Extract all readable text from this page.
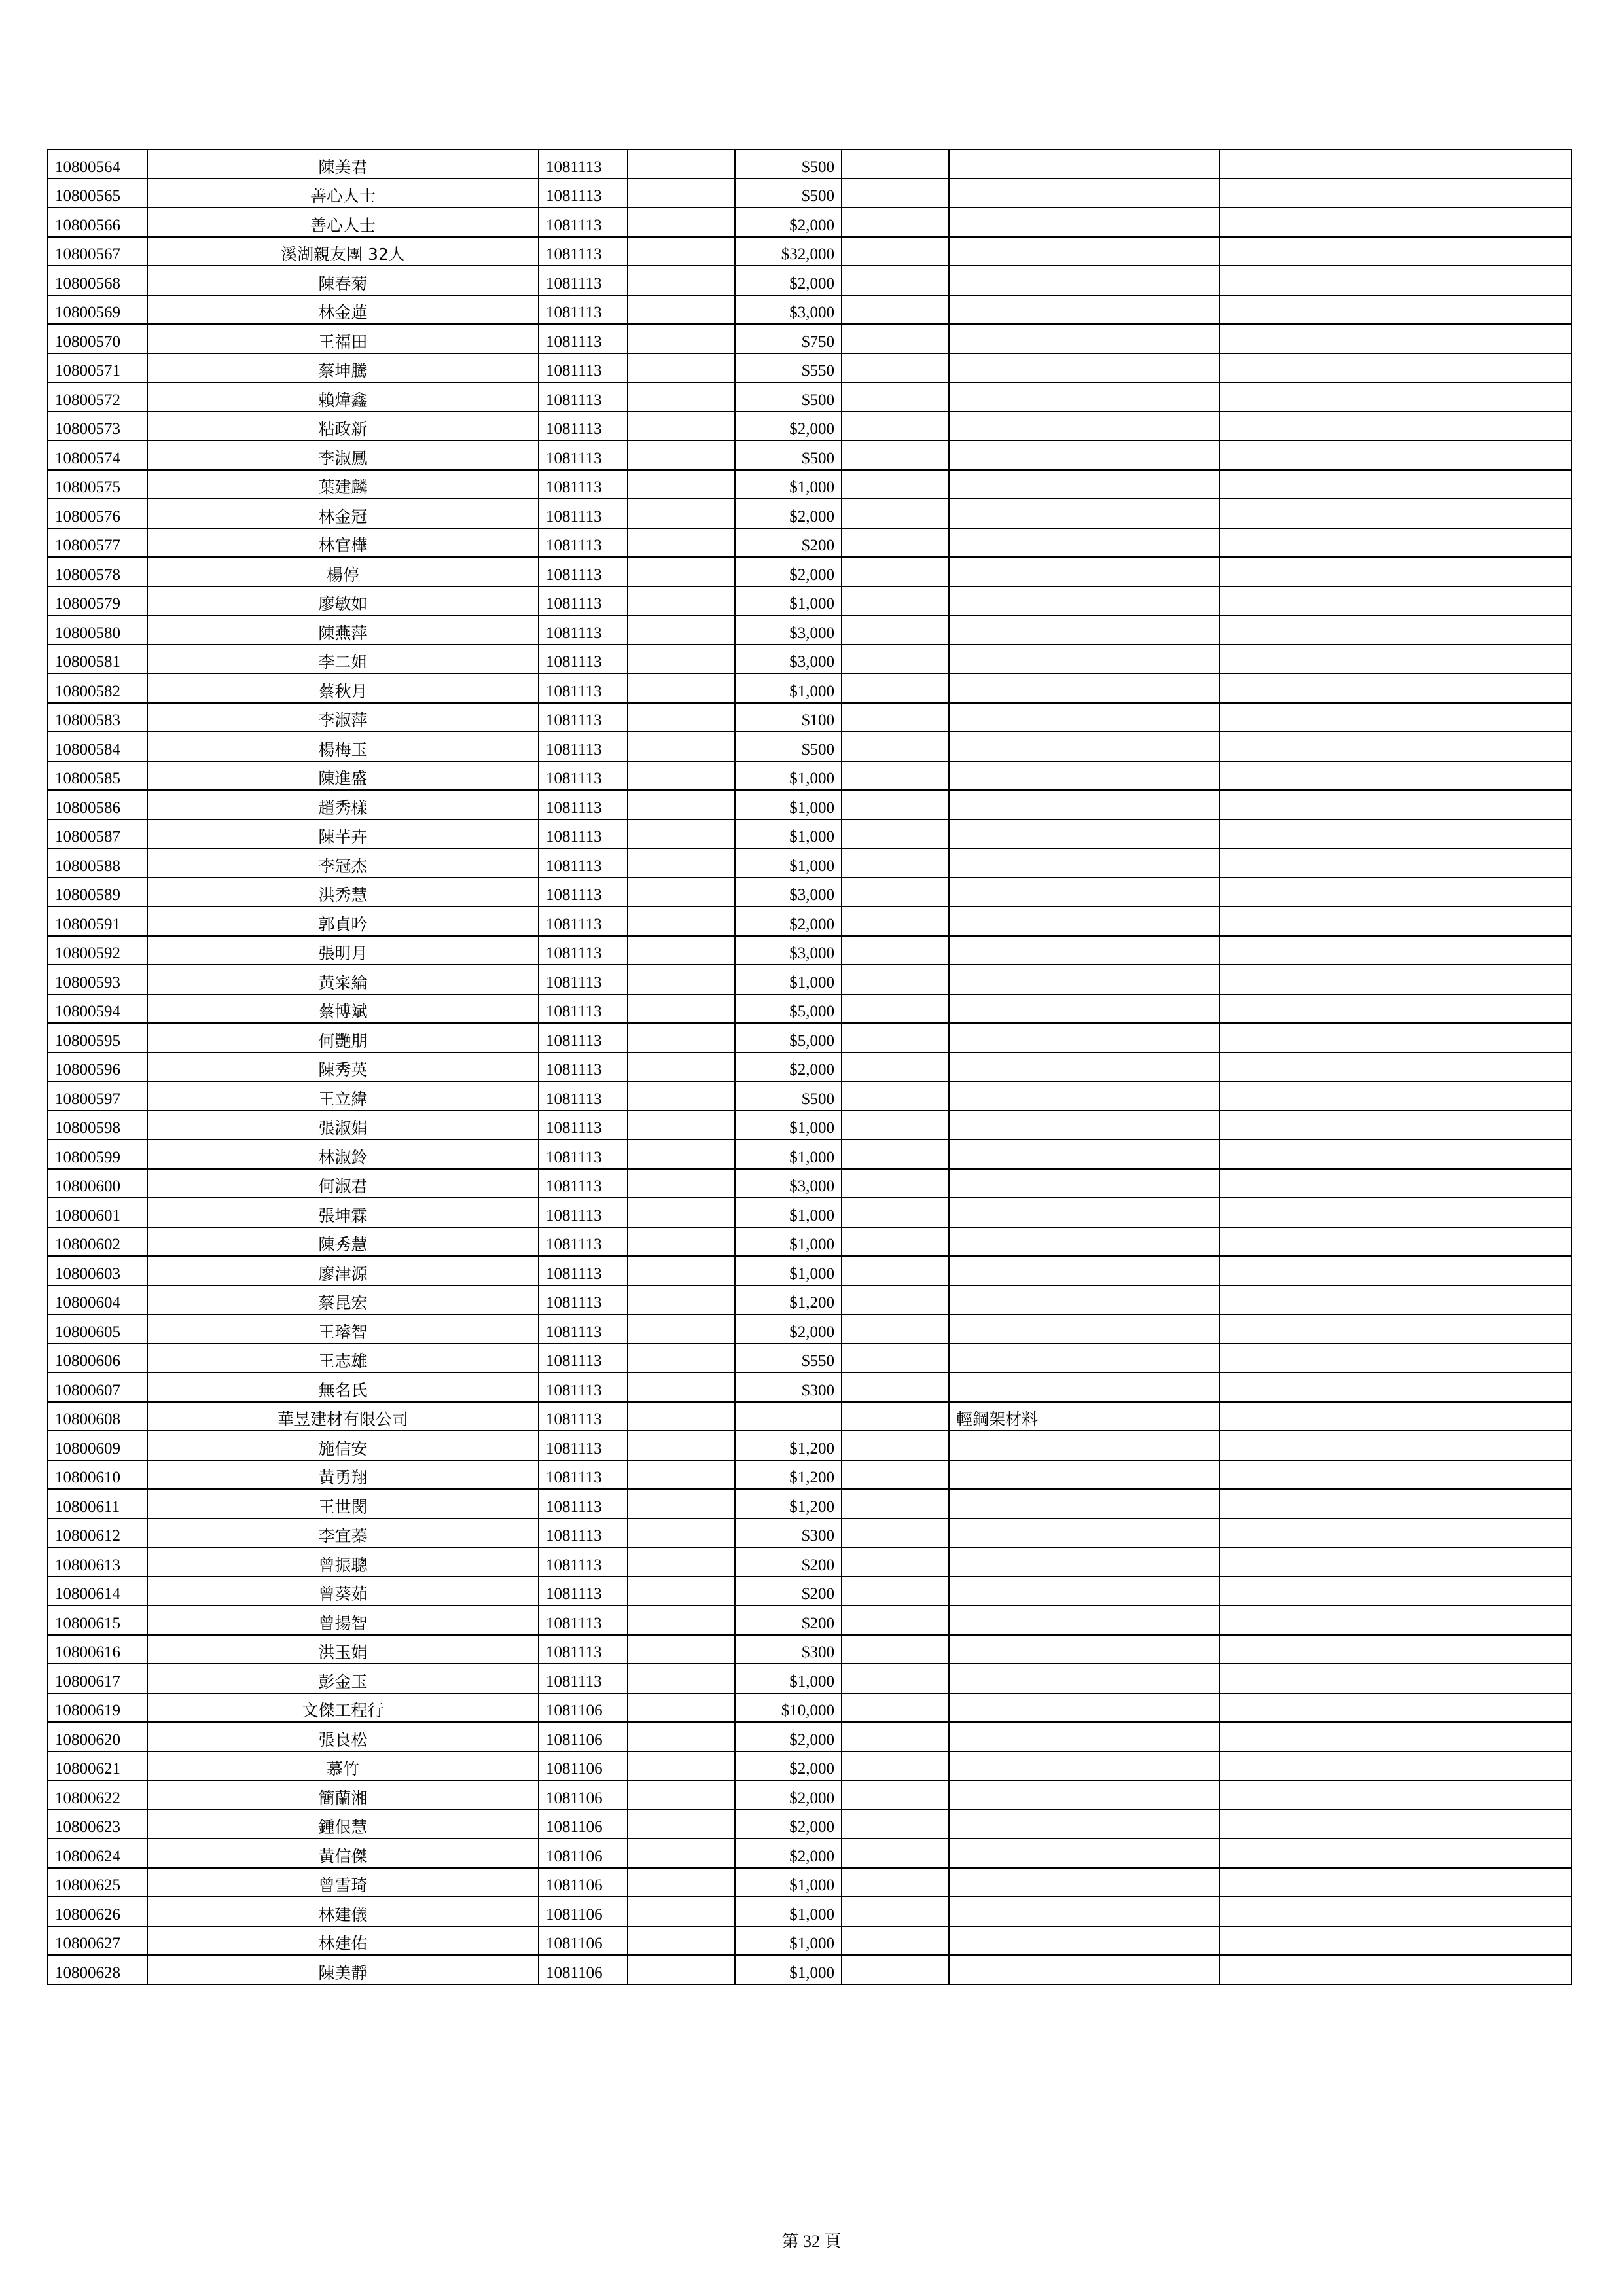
10800564	陳美君	1081113		$500			
10800565	善心人士	1081113		$500			
10800566	善心人士	1081113		$2,000			
10800567	溪湖親友團 32人	1081113		$32,000			
10800568	陳春菊	1081113		$2,000			
10800569	林金蓮	1081113		$3,000			
10800570	王福田	1081113		$750			
10800571	蔡坤騰	1081113		$550			
10800572	賴煒鑫	1081113		$500			
10800573	粘政新	1081113		$2,000			
10800574	李淑鳳	1081113		$500			
10800575	葉建麟	1081113		$1,000			
10800576	林金冠	1081113		$2,000			
10800577	林官樺	1081113		$200			
10800578	楊停	1081113		$2,000			
10800579	廖敏如	1081113		$1,000			
10800580	陳燕萍	1081113		$3,000			
10800581	李二姐	1081113		$3,000			
10800582	蔡秋月	1081113		$1,000			
10800583	李淑萍	1081113		$100			
10800584	楊梅玉	1081113		$500			
10800585	陳進盛	1081113		$1,000			
10800586	趙秀樣	1081113		$1,000			
10800587	陳芊卉	1081113		$1,000			
10800588	李冠杰	1081113		$1,000			
10800589	洪秀慧	1081113		$3,000			
10800591	郭貞吟	1081113		$2,000			
10800592	張明月	1081113		$3,000			
10800593	黃寀綸	1081113		$1,000			
10800594	蔡博斌	1081113		$5,000			
10800595	何艷朋	1081113		$5,000			
10800596	陳秀英	1081113		$2,000			
10800597	王立緯	1081113		$500			
10800598	張淑娟	1081113		$1,000			
10800599	林淑鈴	1081113		$1,000			
10800600	何淑君	1081113		$3,000			
10800601	張坤霖	1081113		$1,000			
10800602	陳秀慧	1081113		$1,000			
10800603	廖津源	1081113		$1,000			
10800604	蔡昆宏	1081113		$1,200			
10800605	王璿智	1081113		$2,000			
10800606	王志雄	1081113		$550			
10800607	無名氏	1081113		$300			
10800608	華昱建材有限公司	1081113				輕鋼架材料	
10800609	施信安	1081113		$1,200			
10800610	黃勇翔	1081113		$1,200			
10800611	王世閔	1081113		$1,200			
10800612	李宜蓁	1081113		$300			
10800613	曾振聰	1081113		$200			
10800614	曾葵茹	1081113		$200			
10800615	曾揚智	1081113		$200			
10800616	洪玉娟	1081113		$300			
10800617	彭金玉	1081113		$1,000			
10800619	文傑工程行	1081106		$10,000			
10800620	張良松	1081106		$2,000			
10800621	慕竹	1081106		$2,000			
10800622	簡蘭湘	1081106		$2,000			
10800623	鍾佷慧	1081106		$2,000			
10800624	黃信傑	1081106		$2,000			
10800625	曾雪琦	1081106		$1,000			
10800626	林建儀	1081106		$1,000			
10800627	林建佑	1081106		$1,000			
10800628	陳美靜	1081106		$1,000			
第 32 頁
